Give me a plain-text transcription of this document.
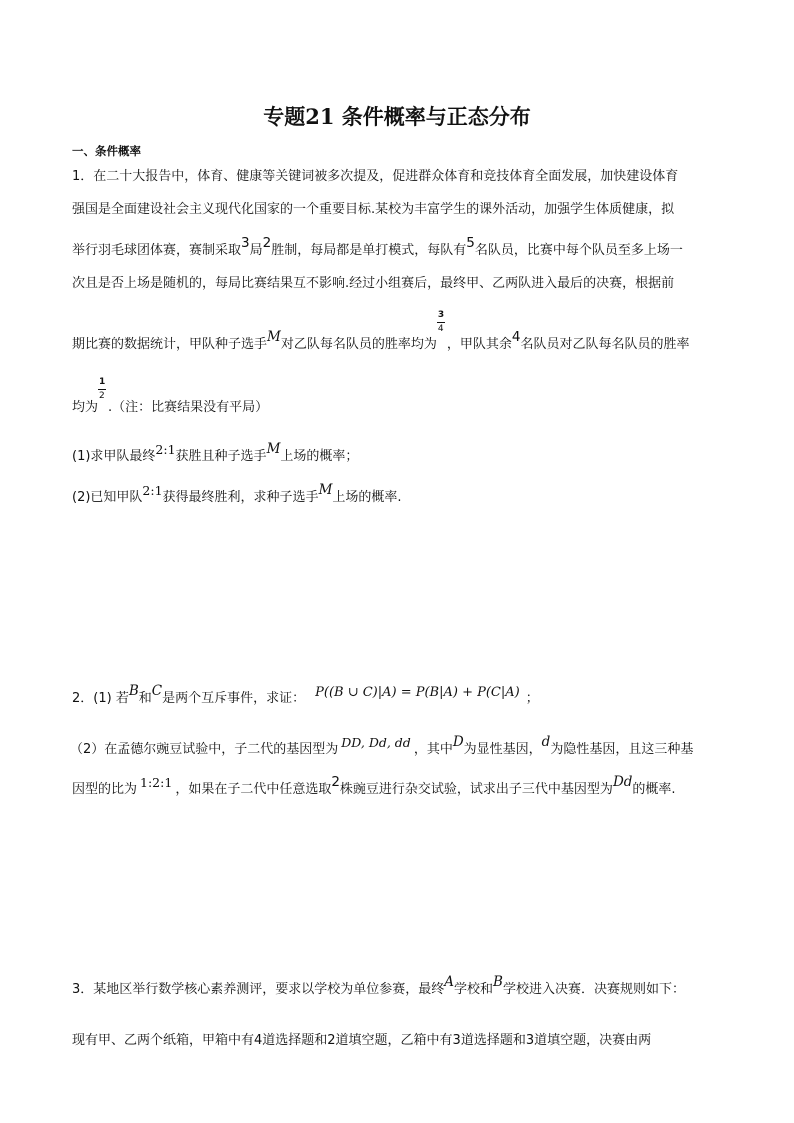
专题21 条件概率与正态分布
一、条件概率
1．在二十大报告中，体育、健康等关键词被多次提及，促进群众体育和竞技体育全面发展，加快建设体育
强国是全面建设社会主义现代化国家的一个重要目标.某校为丰富学生的课外活动，加强学生体质健康，拟
举行羽毛球团体赛，赛制采取3局2胜制，每局都是单打模式，每队有5名队员，比赛中每个队员至多上场一
次且是否上场是随机的，每局比赛结果互不影响.经过小组赛后，最终甲、乙两队进入最后的决赛，根据前
期比赛的数据统计，甲队种子选手M对乙队每名队员的胜率均为
$\frac{3}{4}$
，甲队其余4名队员对乙队每名队员的胜率
均为
$\frac{1}{2}$
.（注：比赛结果没有平局）
(1)求甲队最终2:1获胜且种子选手M上场的概率；
(2)已知甲队2:1获得最终胜利，求种子选手M上场的概率.
2．(1) 若B和C是两个互斥事件，求证： P((B ∪ C)|A) = P(B|A) + P(C|A) ；
（2）在孟德尔豌豆试验中，子二代的基因型为 DD, Dd, dd ，其中D为显性基因，d为隐性基因，且这三种基
因型的比为 1:2:1 ，如果在子二代中任意选取2株豌豆进行杂交试验，试求出子三代中基因型为Dd的概率.
3．某地区举行数学核心素养测评，要求以学校为单位参赛，最终A学校和B学校进入决赛．决赛规则如下：
现有甲、乙两个纸箱，甲箱中有4道选择题和2道填空题，乙箱中有3道选择题和3道填空题，决赛由两
